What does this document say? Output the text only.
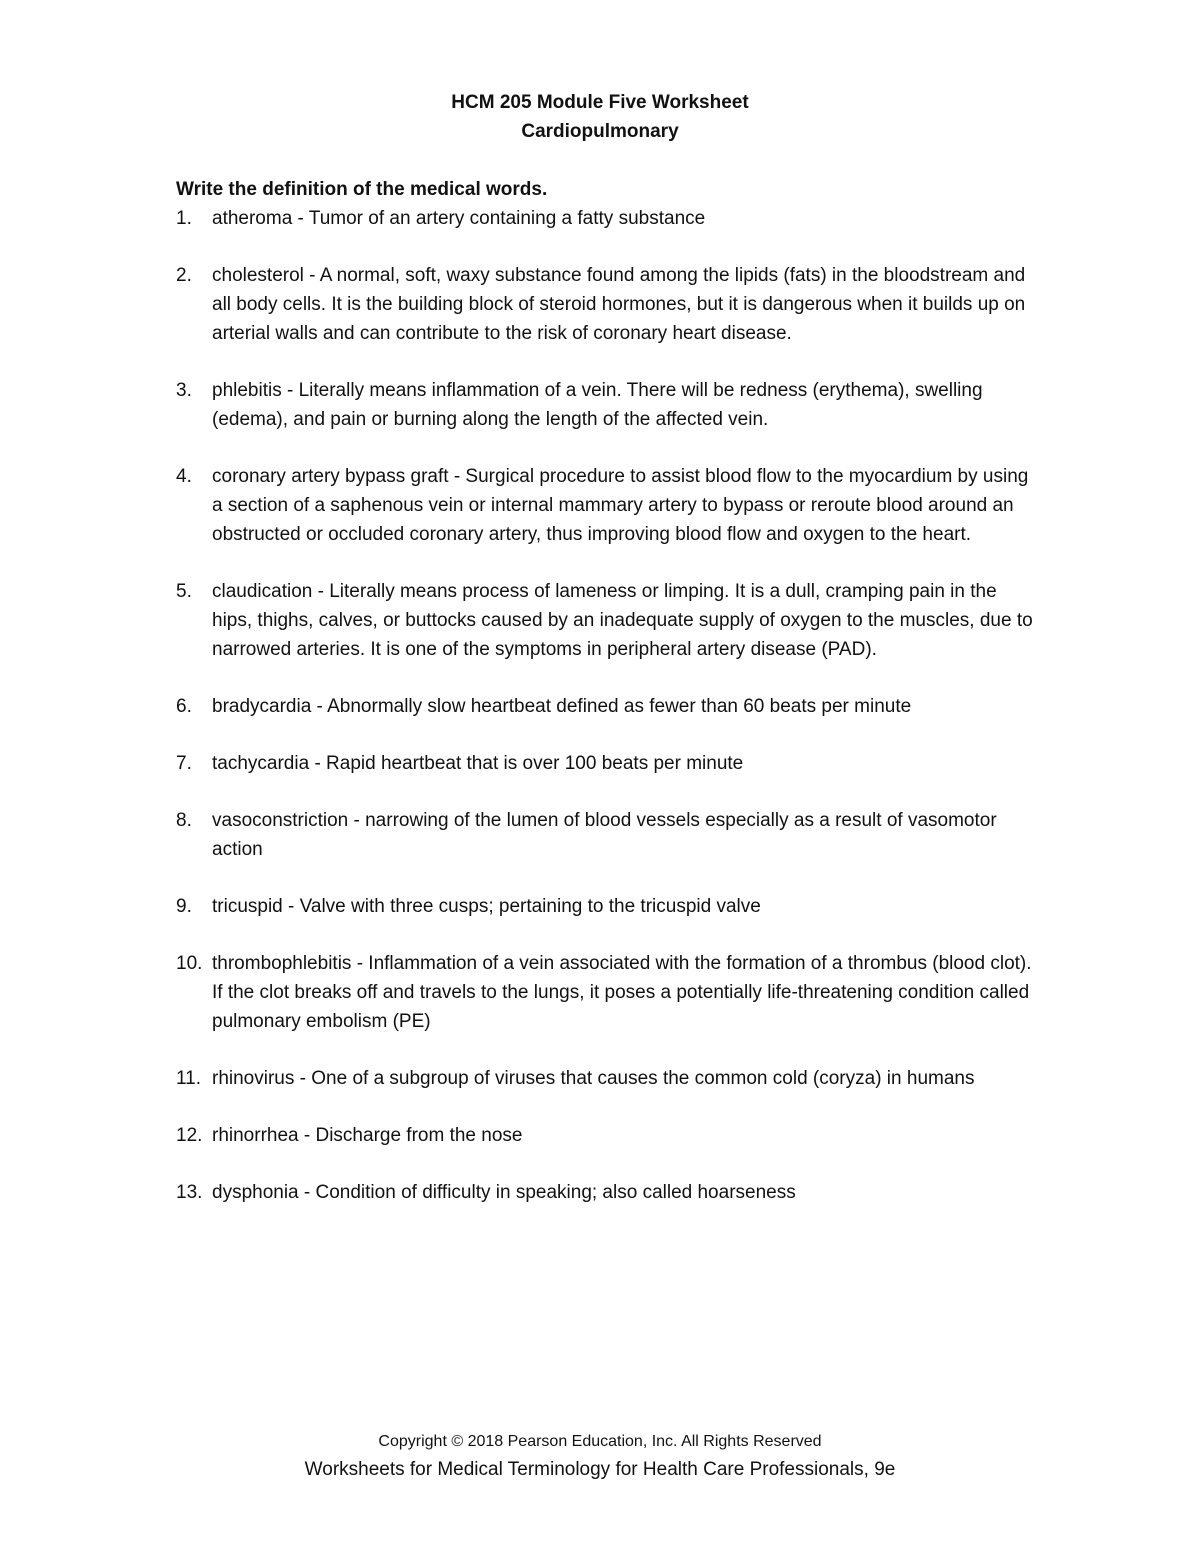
HCM 205 Module Five Worksheet
Cardiopulmonary
Write the definition of the medical words.
1. atheroma - Tumor of an artery containing a fatty substance
2. cholesterol - A normal, soft, waxy substance found among the lipids (fats) in the bloodstream and all body cells. It is the building block of steroid hormones, but it is dangerous when it builds up on arterial walls and can contribute to the risk of coronary heart disease.
3. phlebitis - Literally means inflammation of a vein. There will be redness (erythema), swelling (edema), and pain or burning along the length of the affected vein.
4. coronary artery bypass graft - Surgical procedure to assist blood flow to the myocardium by using a section of a saphenous vein or internal mammary artery to bypass or reroute blood around an obstructed or occluded coronary artery, thus improving blood flow and oxygen to the heart.
5. claudication - Literally means process of lameness or limping. It is a dull, cramping pain in the hips, thighs, calves, or buttocks caused by an inadequate supply of oxygen to the muscles, due to narrowed arteries. It is one of the symptoms in peripheral artery disease (PAD).
6. bradycardia - Abnormally slow heartbeat defined as fewer than 60 beats per minute
7. tachycardia - Rapid heartbeat that is over 100 beats per minute
8. vasoconstriction - narrowing of the lumen of blood vessels especially as a result of vasomotor action
9. tricuspid - Valve with three cusps; pertaining to the tricuspid valve
10. thrombophlebitis - Inflammation of a vein associated with the formation of a thrombus (blood clot). If the clot breaks off and travels to the lungs, it poses a potentially life-threatening condition called pulmonary embolism (PE)
11. rhinovirus - One of a subgroup of viruses that causes the common cold (coryza) in humans
12. rhinorrhea - Discharge from the nose
13. dysphonia - Condition of difficulty in speaking; also called hoarseness
Copyright © 2018 Pearson Education, Inc. All Rights Reserved
Worksheets for Medical Terminology for Health Care Professionals, 9e
